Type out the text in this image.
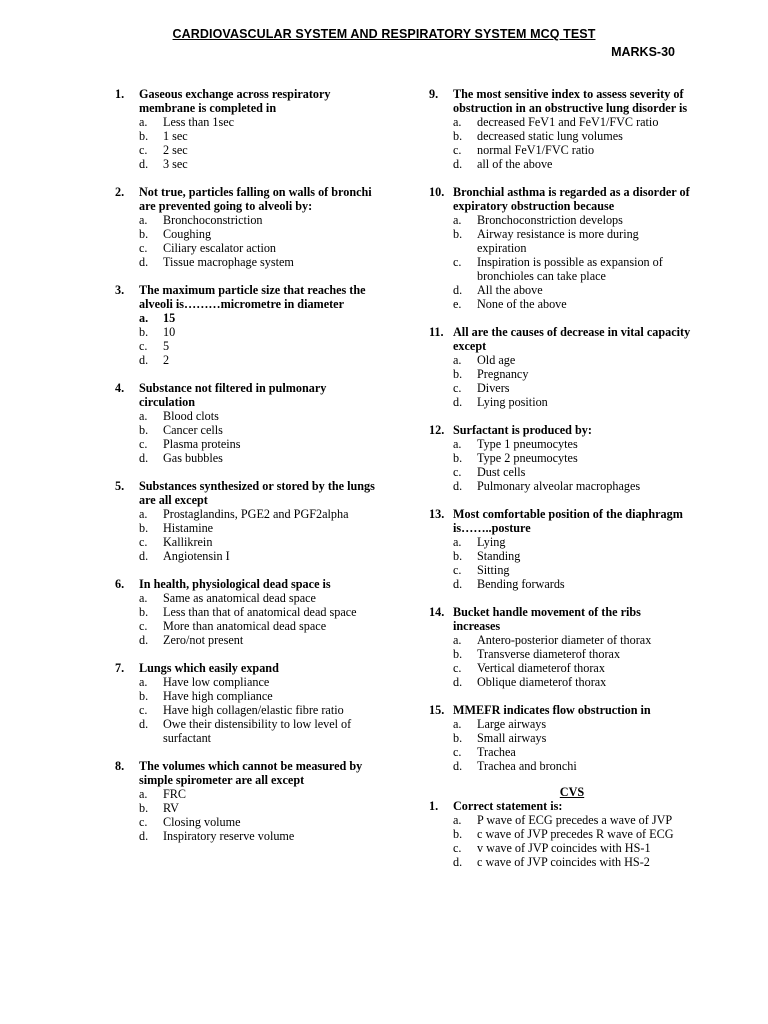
CARDIOVASCULAR SYSTEM AND RESPIRATORY SYSTEM MCQ TEST
MARKS-30
1.	Gaseous exchange across respiratory membrane is completed in
a.	Less than 1sec
b.	1 sec
c.	2 sec
d.	3 sec
2.	Not true, particles falling on walls of bronchi are prevented going to alveoli by:
a.	Bronchoconstriction
b.	Coughing
c.	Ciliary escalator action
d.	Tissue macrophage system
3.	The maximum particle size that reaches the alveoli is………micrometre in diameter
a.	15
b.	10
c.	5
d.	2
4.	Substance not filtered in pulmonary circulation
a.	Blood clots
b.	Cancer cells
c.	Plasma proteins
d.	Gas bubbles
5.	Substances synthesized or stored by the lungs are all except
a.	Prostaglandins, PGE2 and PGF2alpha
b.	Histamine
c.	Kallikrein
d.	Angiotensin I
6.	In health, physiological dead space is
a.	Same as anatomical dead space
b.	Less than that of anatomical dead space
c.	More than anatomical dead space
d.	Zero/not present
7.	Lungs which easily expand
a.	Have low compliance
b.	Have high compliance
c.	Have high collagen/elastic fibre ratio
d.	Owe their distensibility to low level of surfactant
8.	The volumes which cannot be measured by simple spirometer are all except
a.	FRC
b.	RV
c.	Closing volume
d.	Inspiratory reserve volume
9.	The most sensitive index to assess severity of obstruction in an obstructive lung disorder is
a.	decreased FeV1 and FeV1/FVC ratio
b.	decreased static lung volumes
c.	normal FeV1/FVC ratio
d.	all of the above
10. Bronchial asthma is regarded as a disorder of expiratory obstruction because
a.	Bronchoconstriction develops
b.	Airway resistance is more during expiration
c.	Inspiration is possible as expansion of bronchioles can take place
d.	All the above
e.	None of the above
11. All are the causes of decrease in vital capacity except
a.	Old age
b.	Pregnancy
c.	Divers
d.	Lying position
12. Surfactant is produced by:
a.	Type 1 pneumocytes
b.	Type 2 pneumocytes
c.	Dust cells
d.	Pulmonary alveolar macrophages
13. Most comfortable position of the diaphragm is……..posture
a.	Lying
b.	Standing
c.	Sitting
d.	Bending forwards
14. Bucket handle movement of the ribs increases
a.	Antero-posterior diameter of thorax
b.	Transverse diameterof thorax
c.	Vertical diameterof thorax
d.	Oblique diameterof thorax
15. MMEFR indicates flow obstruction in
a.	Large airways
b.	Small airways
c.	Trachea
d.	Trachea and bronchi
CVS
1.	Correct statement is:
a.	P wave of ECG precedes a wave of JVP
b.	c wave of JVP precedes R wave of ECG
c.	v wave of JVP coincides with HS-1
d.	c wave of JVP coincides with HS-2
